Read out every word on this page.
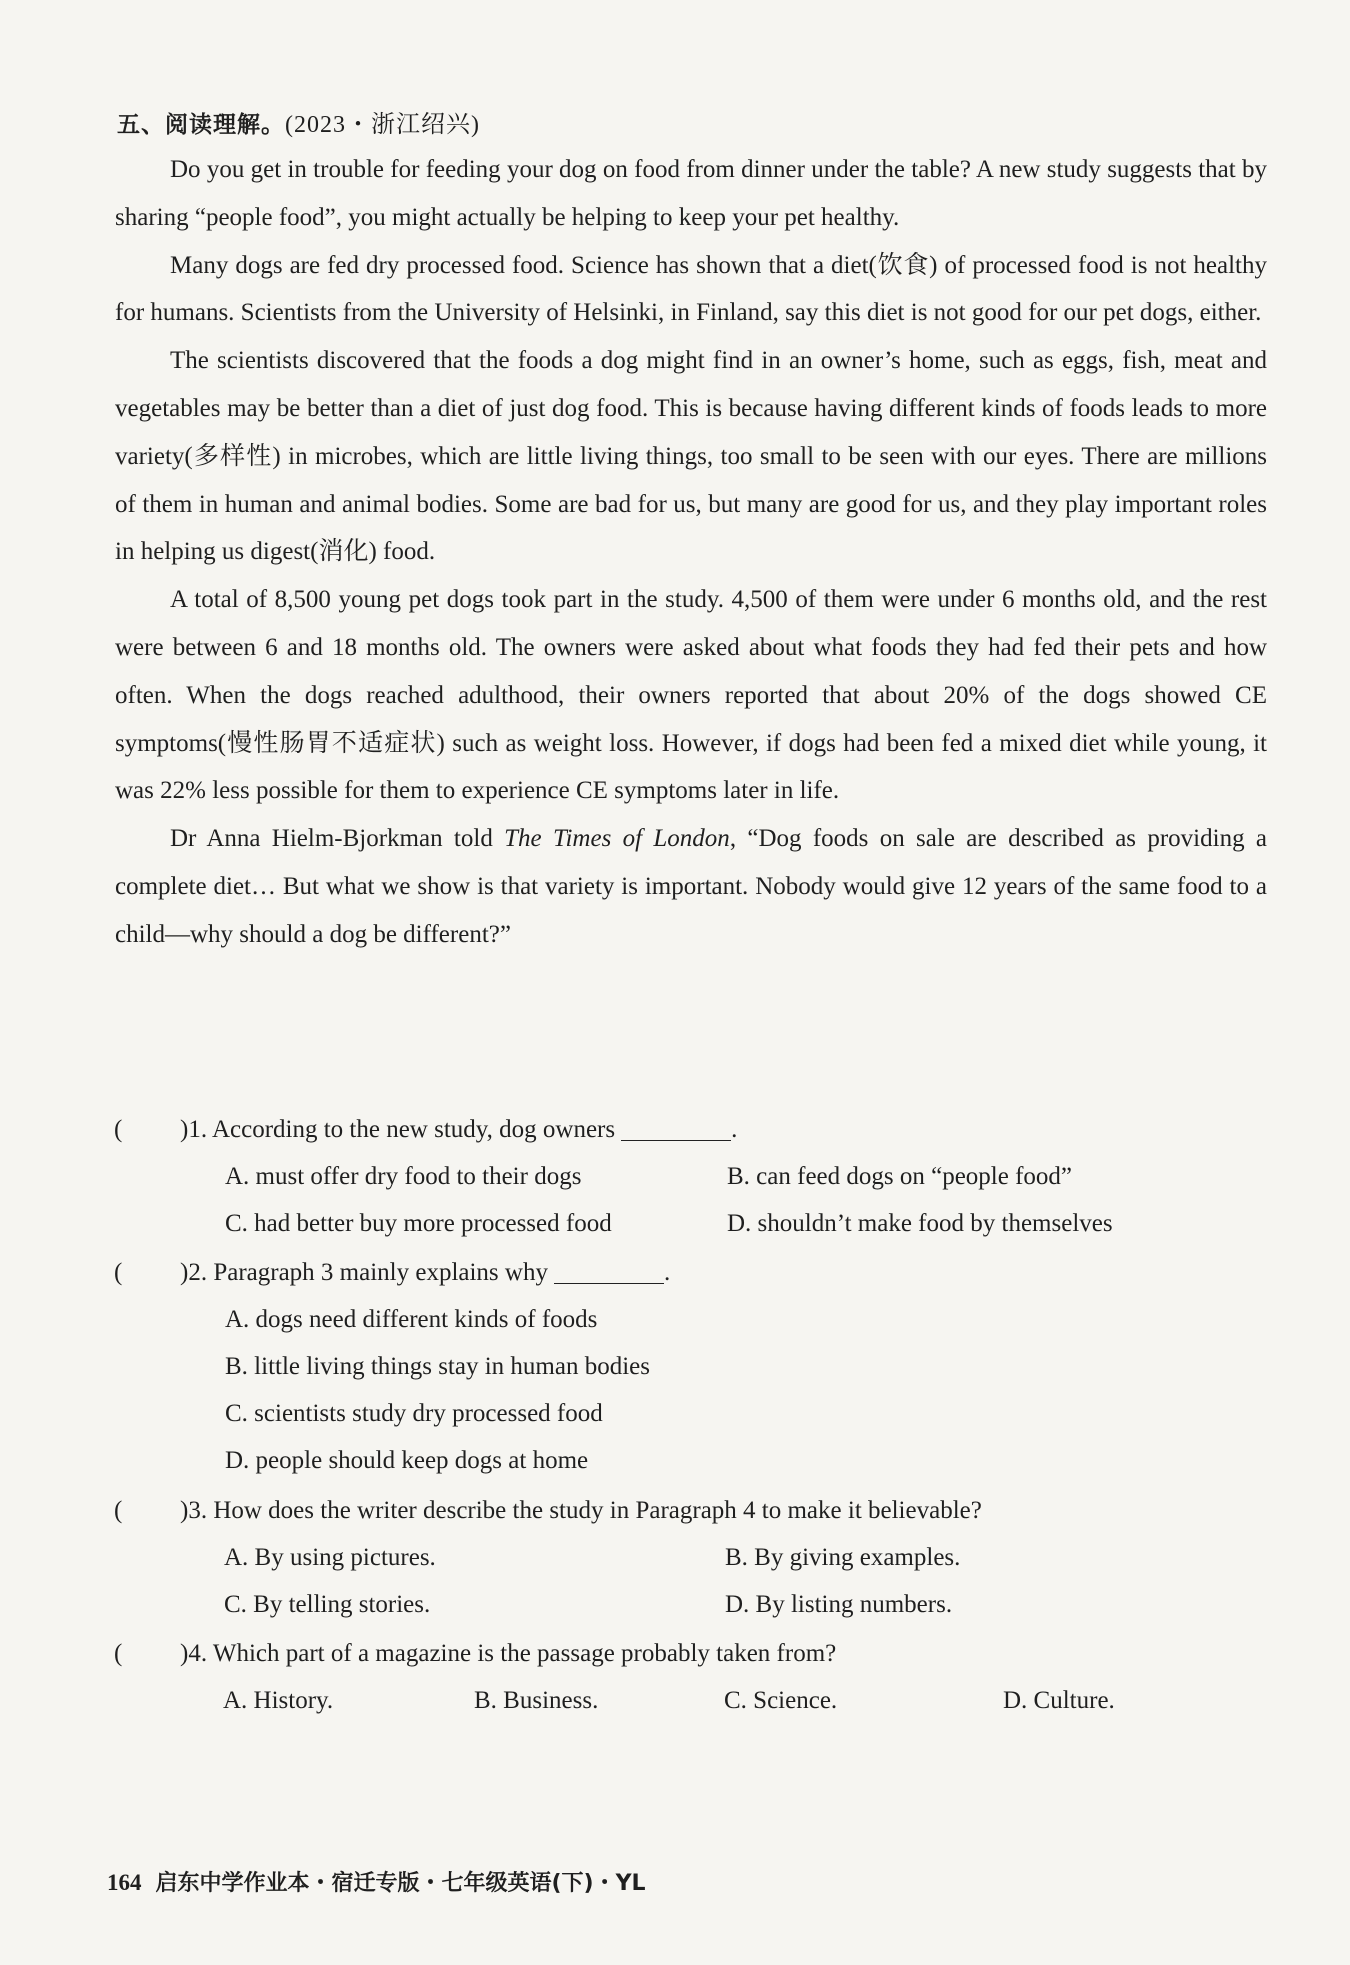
五、阅读理解。(2023・浙江绍兴)

Do you get in trouble for feeding your dog on food from dinner under the table? A new study suggests that by sharing “people food”, you might actually be helping to keep your pet healthy.

Many dogs are fed dry processed food. Science has shown that a diet(饮食) of processed food is not healthy for humans. Scientists from the University of Helsinki, in Finland, say this diet is not good for our pet dogs, either.

The scientists discovered that the foods a dog might find in an owner’s home, such as eggs, fish, meat and vegetables may be better than a diet of just dog food. This is because having different kinds of foods leads to more variety(多样性) in microbes, which are little living things, too small to be seen with our eyes. There are millions of them in human and animal bodies. Some are bad for us, but many are good for us, and they play important roles in helping us digest(消化) food.

A total of 8,500 young pet dogs took part in the study. 4,500 of them were under 6 months old, and the rest were between 6 and 18 months old. The owners were asked about what foods they had fed their pets and how often. When the dogs reached adulthood, their owners reported that about 20% of the dogs showed CE symptoms(慢性肠胃不适症状) such as weight loss. However, if dogs had been fed a mixed diet while young, it was 22% less possible for them to experience CE symptoms later in life.

Dr Anna Hielm-Bjorkman told The Times of London, “Dog foods on sale are described as providing a complete diet… But what we show is that variety is important. Nobody would give 12 years of the same food to a child—why should a dog be different?”

( )1. According to the new study, dog owners	.
A. must offer dry food to their dogs	B. can feed dogs on “people food”
C. had better buy more processed food	D. shouldn’t make food by themselves
( )2. Paragraph 3 mainly explains why	.
A. dogs need different kinds of foods
B. little living things stay in human bodies
C. scientists study dry processed food
D. people should keep dogs at home
( )3. How does the writer describe the study in Paragraph 4 to make it believable?
A. By using pictures.	B. By giving examples.
C. By telling stories.	D. By listing numbers.
( )4. Which part of a magazine is the passage probably taken from?
A. History.	B. Business.	C. Science.	D. Culture.
164 启东中学作业本・宿迁专版・七年级英语(下)・YL
